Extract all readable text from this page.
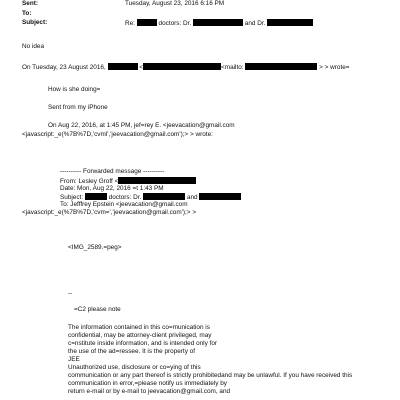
Sent:	Tuesday, August 23, 2016 6:16 PM
To:
Subject:	Re:	doctors: Dr.	and Dr.
No idea
On Tuesday, 23 August 2016,	<	<mailto:	> > wrote=
How is she doing=
Sent from my iPhone
On Aug 22, 2016, at 1:45 PM, jef=rey E. <jeevacation@gmail.com
<javascript:_e(%7B%7D,'cvml','jeevacation@gmail.com');> > wrote:
---------- Forwarded message ----------
From: Lesley Groff <
Date: Mon, Aug 22, 2016 =t 1:43 PM
Subject:	doctors: Dr.	and
To: Jefffrey Epstein <jeevacation@gmail.com
<javascript:_e(%7B%7D,'cvm=','jeevacation@gmail.com');> >
<IMG_2589.=peg>
--
=C2 please note
The information contained in this co=munication is
confidential, may be attorney-client privileged, may
c=nstitute inside information, and is intended only for
the use of the ad=ressee. It is the property of
JEE
Unauthorized use, disclosure or co=ying of this
communication or any part thereof is strictly prohibitedand may be unlawful. If you have received this
communication in error,=please notify us immediately by
return e-mail or by e-mail to jeevacation@gmail.com, and
